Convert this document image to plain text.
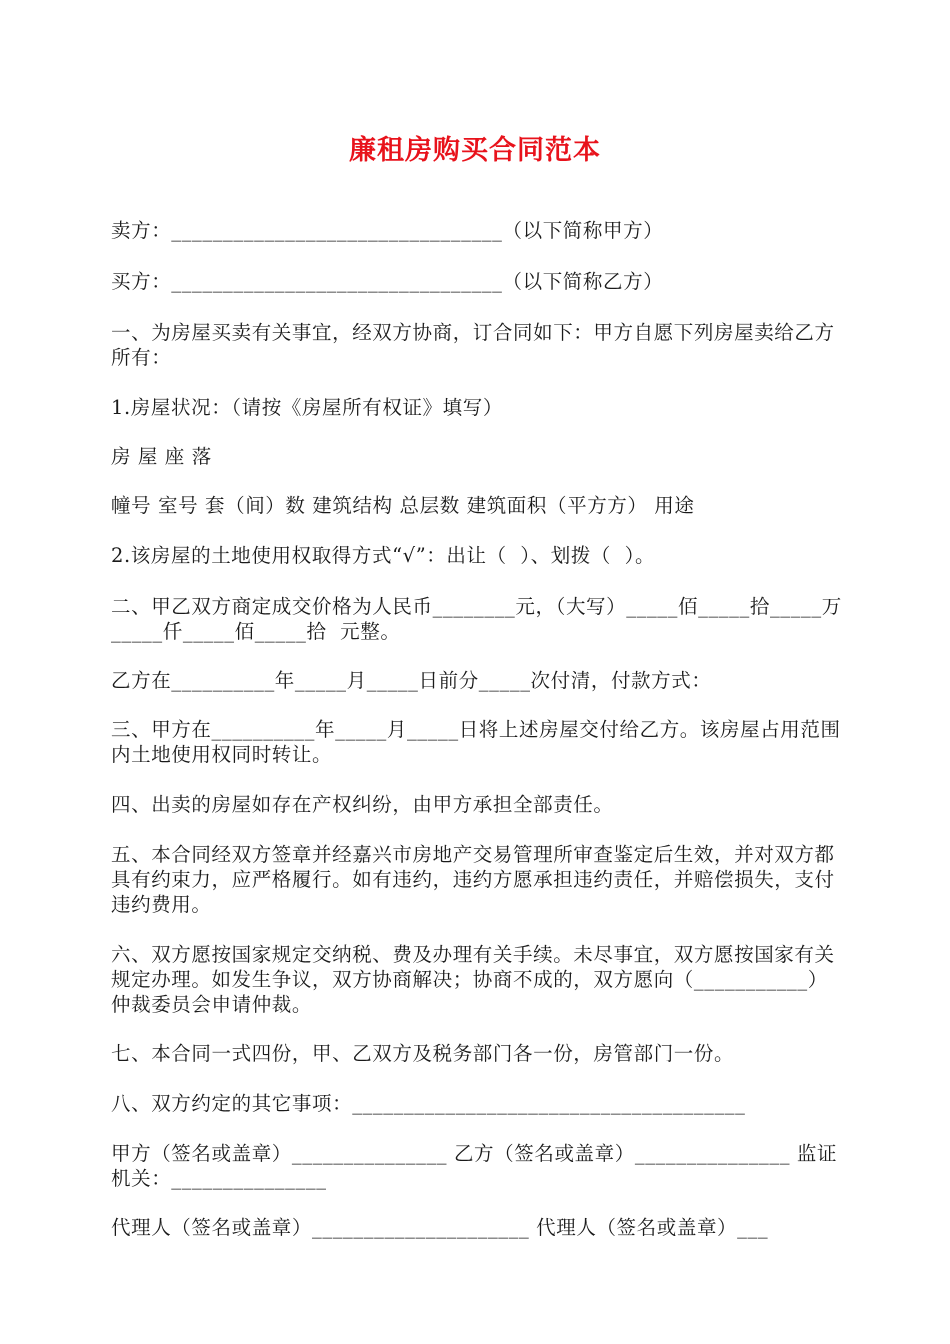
廉租房购买合同范本

卖方：________________________________（以下简称甲方）

买方：________________________________（以下简称乙方）

一、为房屋买卖有关事宜，经双方协商，订合同如下：甲方自愿下列房屋卖给乙方所有：

1.房屋状况：（请按《房屋所有权证》填写）

房 屋 座 落

幢号 室号 套（间）数 建筑结构 总层数 建筑面积（平方方） 用途

2.该房屋的土地使用权取得方式“√”：出让（  ）、划拨（  ）。

二、甲乙双方商定成交价格为人民币________元，（大写）_____佰_____拾_____万_____仟_____佰_____拾  元整。

乙方在__________年_____月_____日前分_____次付清，付款方式：

三、甲方在__________年_____月_____日将上述房屋交付给乙方。该房屋占用范围内土地使用权同时转让。

四、出卖的房屋如存在产权纠纷，由甲方承担全部责任。

五、本合同经双方签章并经嘉兴市房地产交易管理所审查鉴定后生效，并对双方都具有约束力，应严格履行。如有违约，违约方愿承担违约责任，并赔偿损失，支付违约费用。

六、双方愿按国家规定交纳税、费及办理有关手续。未尽事宜，双方愿按国家有关规定办理。如发生争议，双方协商解决；协商不成的，双方愿向（___________）仲裁委员会申请仲裁。

七、本合同一式四份，甲、乙双方及税务部门各一份，房管部门一份。

八、双方约定的其它事项：______________________________________

甲方（签名或盖章）_______________ 乙方（签名或盖章）_______________ 监证机关：_______________

代理人（签名或盖章）_____________________ 代理人（签名或盖章）___
